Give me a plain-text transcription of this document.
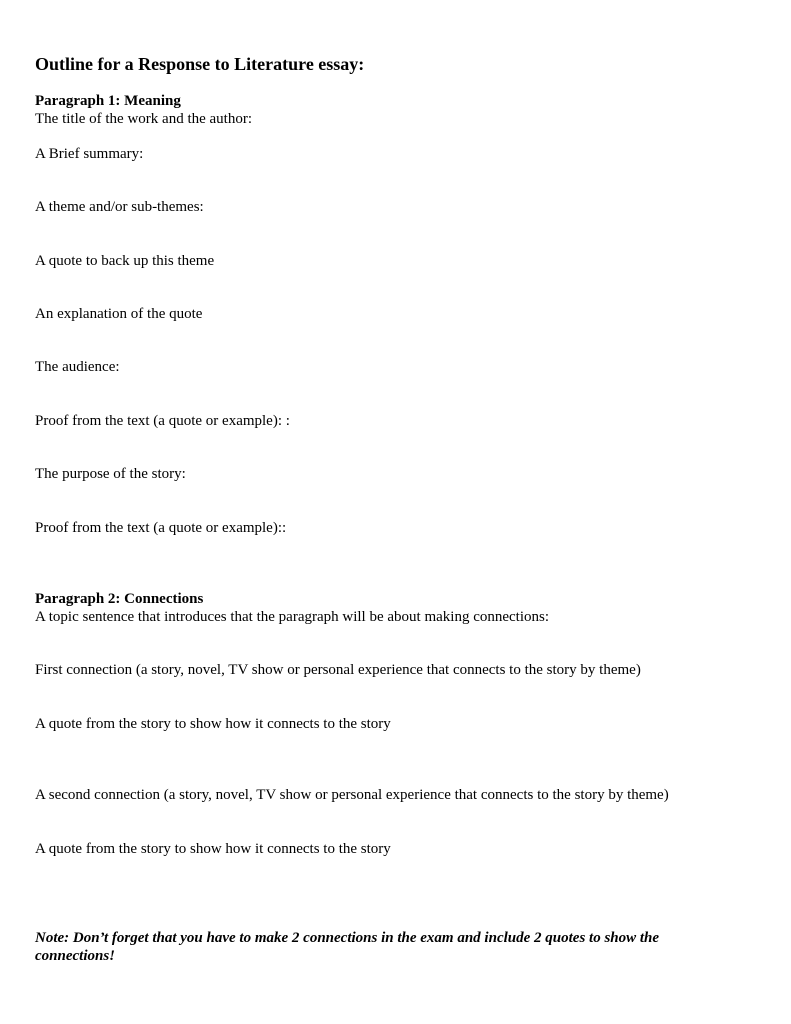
Outline for a Response to Literature essay:
Paragraph 1: Meaning
The title of the work and the author:
A Brief summary:
A theme and/or sub-themes:
A quote to back up this theme
An explanation of the quote
The audience:
Proof from the text (a quote or example): :
The purpose of the story:
Proof from the text (a quote or example)::
Paragraph 2: Connections
A topic sentence that introduces that the paragraph will be about making connections:
First connection (a story, novel, TV show or personal experience that connects to the story by theme)
A quote from the story to show how it connects to the story
A second connection (a story, novel, TV show or personal experience that connects to the story by theme)
A quote from the story to show how it connects to the story
Note: Don’t forget that you have to make 2 connections in the exam and include 2 quotes to show the connections!
